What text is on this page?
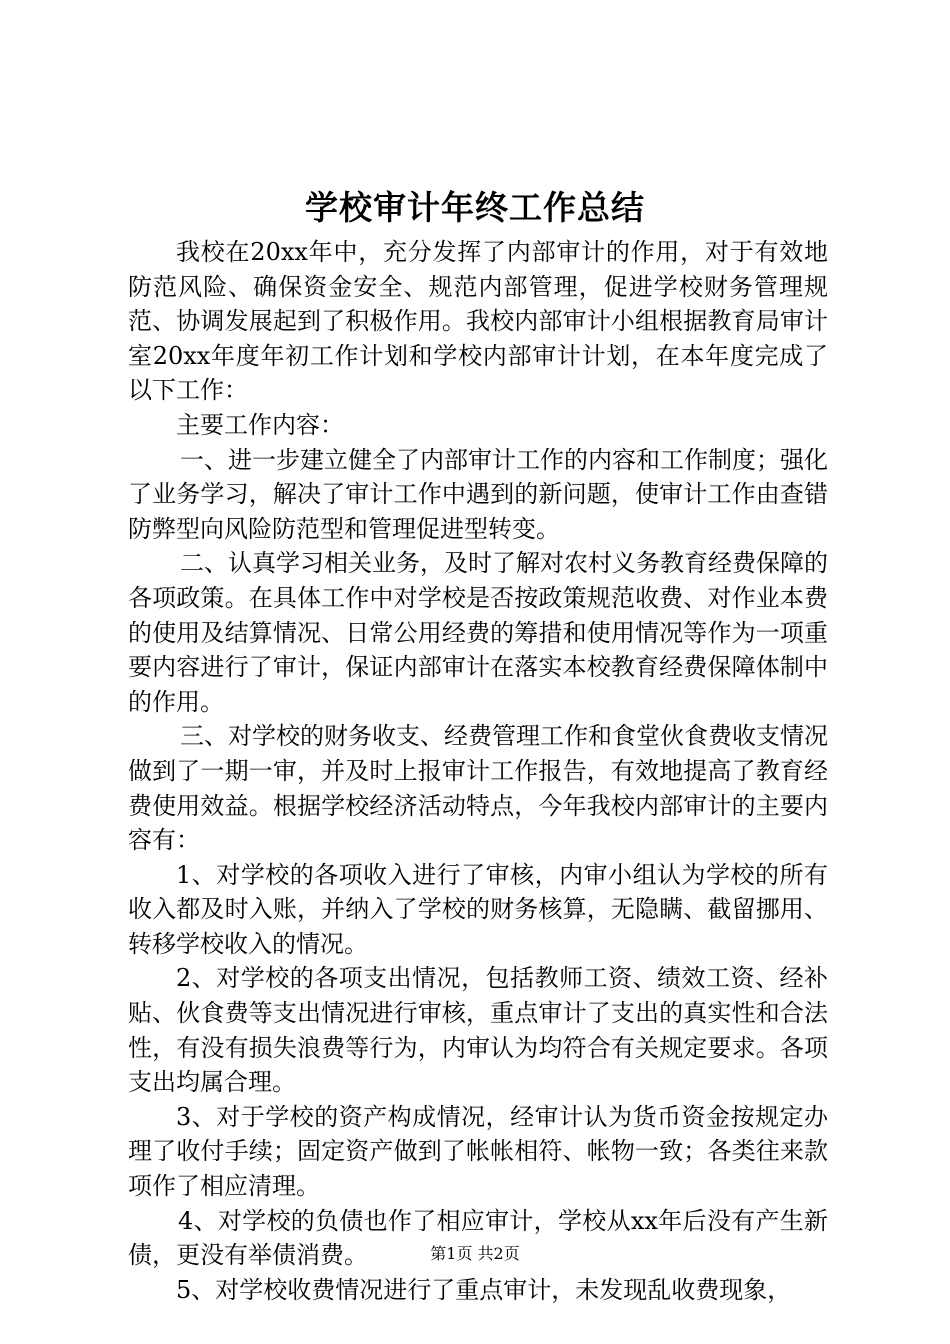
学校审计年终工作总结

我校在20xx年中，充分发挥了内部审计的作用，对于有效地防范风险、确保资金安全、规范内部管理，促进学校财务管理规范、协调发展起到了积极作用。我校内部审计小组根据教育局审计室20xx年度年初工作计划和学校内部审计计划，在本年度完成了以下工作：

主要工作内容：

一、进一步建立健全了内部审计工作的内容和工作制度；强化了业务学习，解决了审计工作中遇到的新问题，使审计工作由查错防弊型向风险防范型和管理促进型转变。

二、认真学习相关业务，及时了解对农村义务教育经费保障的各项政策。在具体工作中对学校是否按政策规范收费、对作业本费的使用及结算情况、日常公用经费的筹措和使用情况等作为一项重要内容进行了审计，保证内部审计在落实本校教育经费保障体制中的作用。

三、对学校的财务收支、经费管理工作和食堂伙食费收支情况做到了一期一审，并及时上报审计工作报告，有效地提高了教育经费使用效益。根据学校经济活动特点，今年我校内部审计的主要内容有：

1、对学校的各项收入进行了审核，内审小组认为学校的所有收入都及时入账，并纳入了学校的财务核算，无隐瞒、截留挪用、转移学校收入的情况。

2、对学校的各项支出情况，包括教师工资、绩效工资、经补贴、伙食费等支出情况进行审核，重点审计了支出的真实性和合法性，有没有损失浪费等行为，内审认为均符合有关规定要求。各项支出均属合理。

3、对于学校的资产构成情况，经审计认为货币资金按规定办理了收付手续；固定资产做到了帐帐相符、帐物一致；各类往来款项作了相应清理。

4、对学校的负债也作了相应审计，学校从xx年后没有产生新债，更没有举债消费。

5、对学校收费情况进行了重点审计，未发现乱收费现象，

第1页 共2页
